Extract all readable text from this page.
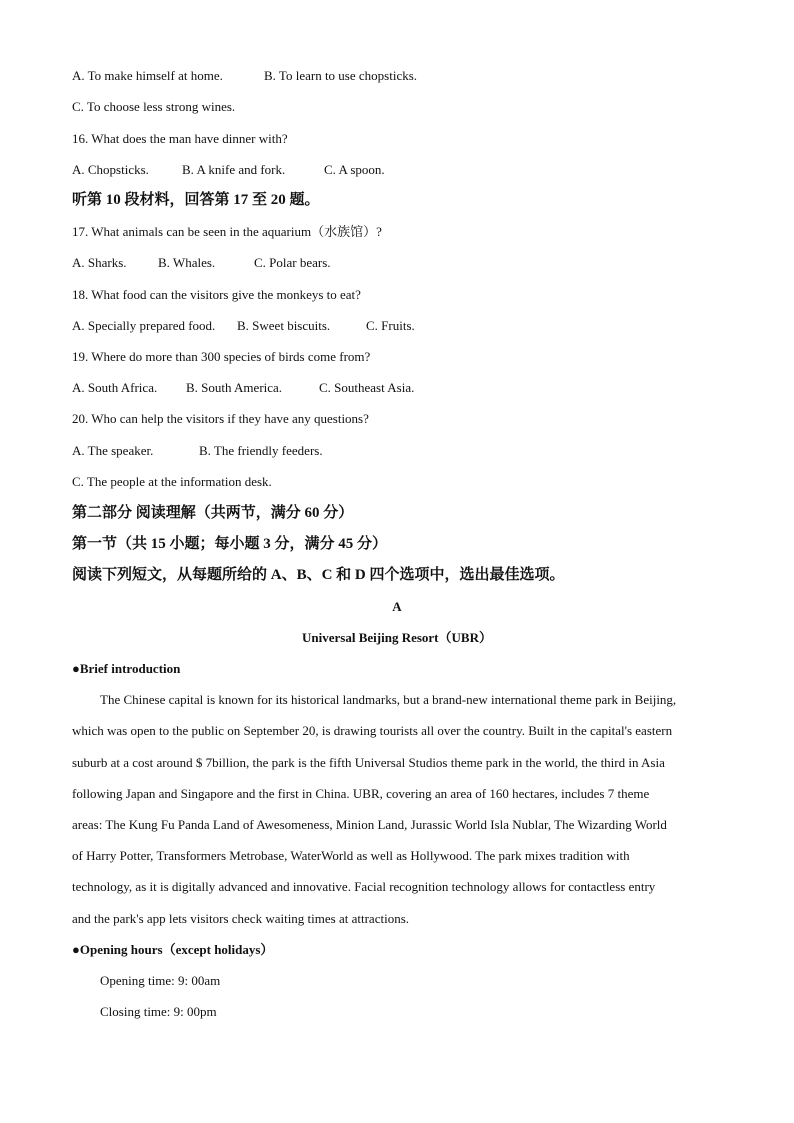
A. To make himself at home.	B. To learn to use chopsticks.
C. To choose less strong wines.
16. What does the man have dinner with?
A. Chopsticks.	B. A knife and fork.	C. A spoon.
听第 10 段材料，回答第 17 至 20 题。
17. What animals can be seen in the aquarium（水族馆）?
A. Sharks. B. Whales.	C. Polar bears.
18. What food can the visitors give the monkeys to eat?
A. Specially prepared food. B. Sweet biscuits.	C. Fruits.
19. Where do more than 300 species of birds come from?
A. South Africa. B. South America.	C. Southeast Asia.
20. Who can help the visitors if they have any questions?
A. The speaker.	B. The friendly feeders.
C. The people at the information desk.
第二部分 阅读理解（共两节，满分 60 分）
第一节（共 15 小题；每小题 3 分，满分 45 分）
阅读下列短文，从每题所给的 A、B、C 和 D 四个选项中，选出最佳选项。
A
Universal Beijing Resort（UBR）
●Brief introduction
The Chinese capital is known for its historical landmarks, but a brand-new international theme park in Beijing,
which was open to the public on September 20, is drawing tourists all over the country. Built in the capital's eastern
suburb at a cost around $ 7billion, the park is the fifth Universal Studios theme park in the world, the third in Asia
following Japan and Singapore and the first in China. UBR, covering an area of 160 hectares, includes 7 theme
areas: The Kung Fu Panda Land of Awesomeness, Minion Land, Jurassic World Isla Nublar, The Wizarding World
of Harry Potter, Transformers Metrobase, WaterWorld as well as Hollywood. The park mixes tradition with
technology, as it is digitally advanced and innovative. Facial recognition technology allows for contactless entry
and the park's app lets visitors check waiting times at attractions.
●Opening hours（except holidays）
Opening time: 9: 00am
Closing time: 9: 00pm
